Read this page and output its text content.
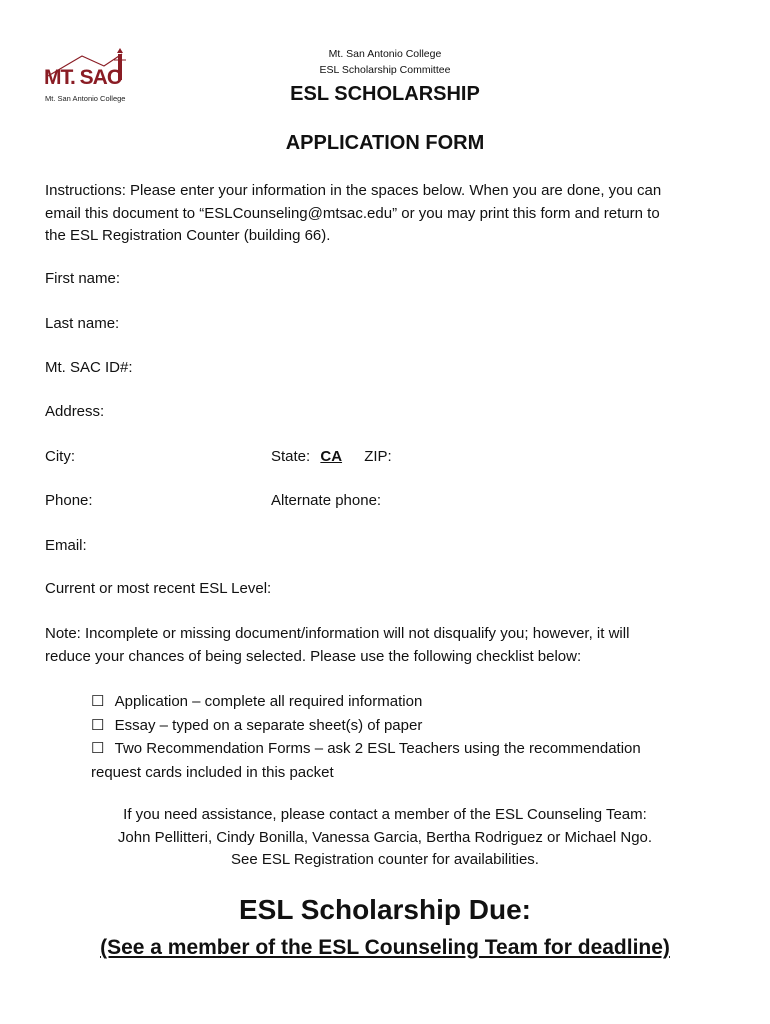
MT. SAC
Mt. San Antonio College
Mt. San Antonio College
ESL Scholarship Committee
ESL SCHOLARSHIP
APPLICATION FORM
Instructions: Please enter your information in the spaces below. When you are done, you can
email this document to “ESLCounseling@mtsac.edu” or you may print this form and return to
the ESL Registration Counter (building 66).
First name:
Last name:
Mt. SAC ID#:
Address:
City:	State: CA ZIP:
Phone:	Alternate phone:
Email:
Current or most recent ESL Level:
Note: Incomplete or missing document/information will not disqualify you; however, it will
reduce your chances of being selected. Please use the following checklist below:
☐ Application – complete all required information
☐ Essay – typed on a separate sheet(s) of paper
☐ Two Recommendation Forms – ask 2 ESL Teachers using the recommendation
request cards included in this packet
If you need assistance, please contact a member of the ESL Counseling Team:
John Pellitteri, Cindy Bonilla, Vanessa Garcia, Bertha Rodriguez or Michael Ngo.
See ESL Registration counter for availabilities.
ESL Scholarship Due:
(See a member of the ESL Counseling Team for deadline)
